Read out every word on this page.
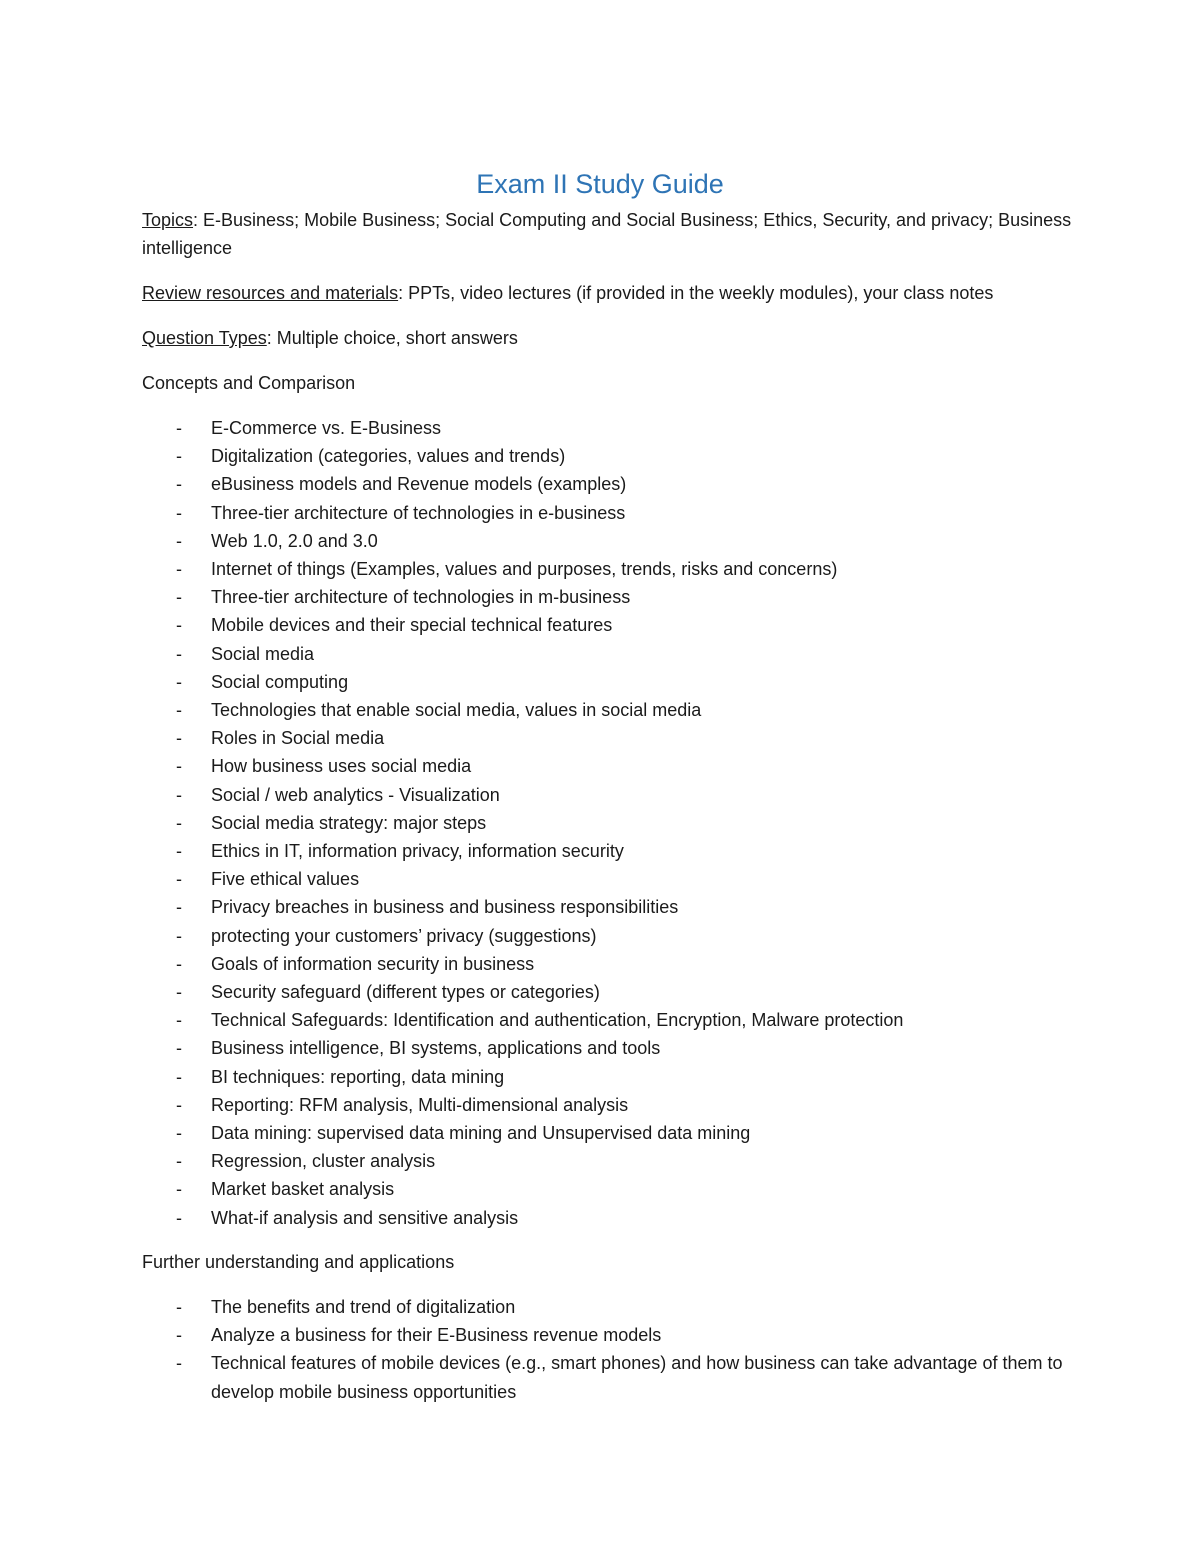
Exam II Study Guide

Topics: E-Business; Mobile Business; Social Computing and Social Business; Ethics, Security, and privacy; Business intelligence

Review resources and materials: PPTs, video lectures (if provided in the weekly modules), your class notes

Question Types: Multiple choice, short answers

Concepts and Comparison

- E-Commerce vs. E-Business
- Digitalization (categories, values and trends)
- eBusiness models and Revenue models (examples)
- Three-tier architecture of technologies in e-business
- Web 1.0, 2.0 and 3.0
- Internet of things (Examples, values and purposes, trends, risks and concerns)
- Three-tier architecture of technologies in m-business
- Mobile devices and their special technical features
- Social media
- Social computing
- Technologies that enable social media, values in social media
- Roles in Social media
- How business uses social media
- Social / web analytics - Visualization
- Social media strategy: major steps
- Ethics in IT, information privacy, information security
- Five ethical values
- Privacy breaches in business and business responsibilities
- protecting your customers’ privacy (suggestions)
- Goals of information security in business
- Security safeguard (different types or categories)
- Technical Safeguards: Identification and authentication, Encryption, Malware protection
- Business intelligence, BI systems, applications and tools
- BI techniques: reporting, data mining
- Reporting: RFM analysis, Multi-dimensional analysis
- Data mining: supervised data mining and Unsupervised data mining
- Regression, cluster analysis
- Market basket analysis
- What-if analysis and sensitive analysis

Further understanding and applications

- The benefits and trend of digitalization
- Analyze a business for their E-Business revenue models
- Technical features of mobile devices (e.g., smart phones) and how business can take advantage of them to develop mobile business opportunities
